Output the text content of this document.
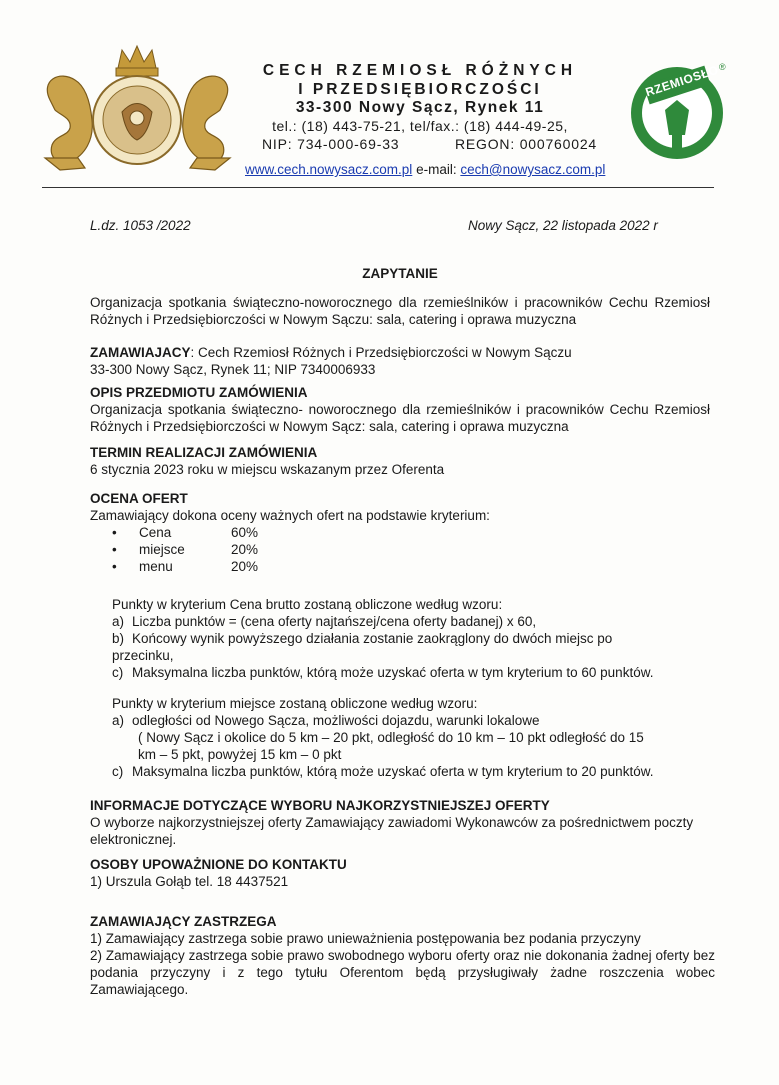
CECH RZEMIOSŁ RÓŻNYCH
I PRZEDSIĘBIORCZOŚCI
33-300 Nowy Sącz, Rynek 11
tel.: (18) 443-75-21, tel/fax.: (18) 444-49-25,
NIP: 734-000-69-33	REGON: 000760024
www.cech.nowysacz.com.pl e-mail: cech@nowysacz.com.pl
RZEMIOSŁO
®
L.dz. 1053 /2022	Nowy Sącz, 22 listopada 2022 r
ZAPYTANIE
Organizacja spotkania świąteczno-noworocznego dla rzemieślników i pracowników Cechu Rzemiosł Różnych i Przedsiębiorczości w Nowym Sączu: sala, catering i oprawa muzyczna
ZAMAWIAJACY: Cech Rzemiosł Różnych i Przedsiębiorczości w Nowym Sączu
33-300 Nowy Sącz, Rynek 11; NIP 7340006933
OPIS PRZEDMIOTU ZAMÓWIENIA
Organizacja spotkania świąteczno- noworocznego dla rzemieślników i pracowników Cechu Rzemiosł Różnych i Przedsiębiorczości w Nowym Sącz: sala, catering i oprawa muzyczna
TERMIN REALIZACJI ZAMÓWIENIA
6 stycznia 2023 roku w miejscu wskazanym przez Oferenta
OCENA OFERT
Zamawiający dokona oceny ważnych ofert na podstawie kryterium:
•	Cena	60%
•	miejsce	20%
•	menu	20%
Punkty w kryterium Cena brutto zostaną obliczone według wzoru:
a) Liczba punktów = (cena oferty najtańszej/cena oferty badanej) x 60,
b) Końcowy wynik powyższego działania zostanie zaokrąglony do dwóch miejsc po
przecinku,
c) Maksymalna liczba punktów, którą może uzyskać oferta w tym kryterium to 60 punktów.
Punkty w kryterium miejsce zostaną obliczone według wzoru:
a) odległości od Nowego Sącza, możliwości dojazdu, warunki lokalowe
( Nowy Sącz i okolice do 5 km – 20 pkt, odległość do 10 km – 10 pkt odległość do 15
km – 5 pkt, powyżej 15 km – 0 pkt
c) Maksymalna liczba punktów, którą może uzyskać oferta w tym kryterium to 20 punktów.
INFORMACJE DOTYCZĄCE WYBORU NAJKORZYSTNIEJSZEJ OFERTY
O wyborze najkorzystniejszej oferty Zamawiający zawiadomi Wykonawców za pośrednictwem poczty elektronicznej.
OSOBY UPOWAŻNIONE DO KONTAKTU
1) Urszula Gołąb tel. 18 4437521
ZAMAWIAJĄCY ZASTRZEGA
1) Zamawiający zastrzega sobie prawo unieważnienia postępowania bez podania przyczyny
2) Zamawiający zastrzega sobie prawo swobodnego wyboru oferty oraz nie dokonania żadnej oferty bez podania przyczyny i z tego tytułu Oferentom będą przysługiwały żadne roszczenia wobec Zamawiającego.
